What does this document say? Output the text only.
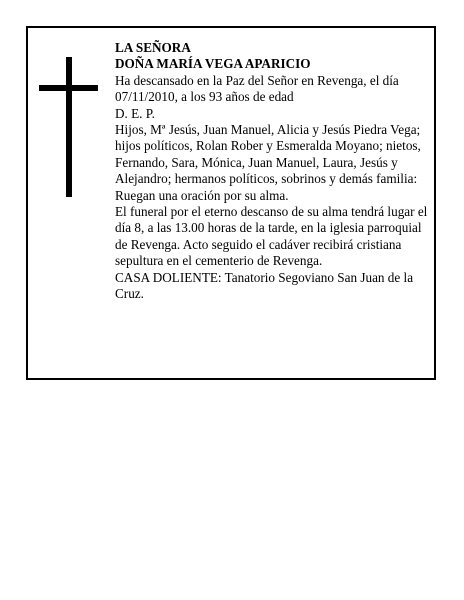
LA SEÑORA

DOÑA MARÍA VEGA APARICIO

Ha descansado en la Paz del Señor en Revenga, el día 07/11/2010, a los 93 años de edad

D. E. P.

Hijos, Mª Jesús, Juan Manuel, Alicia y Jesús Piedra Vega; hijos políticos, Rolan Rober y Esmeralda Moyano; nietos, Fernando, Sara, Mónica, Juan Manuel, Laura, Jesús y Alejandro; hermanos políticos, sobrinos y demás familia:

Ruegan una oración por su alma.

El funeral por el eterno descanso de su alma tendrá lugar el día 8, a las 13.00 horas de la tarde, en la iglesia parroquial de Revenga. Acto seguido el cadáver recibirá cristiana sepultura en el cementerio de Revenga.

CASA DOLIENTE: Tanatorio Segoviano San Juan de la Cruz.
